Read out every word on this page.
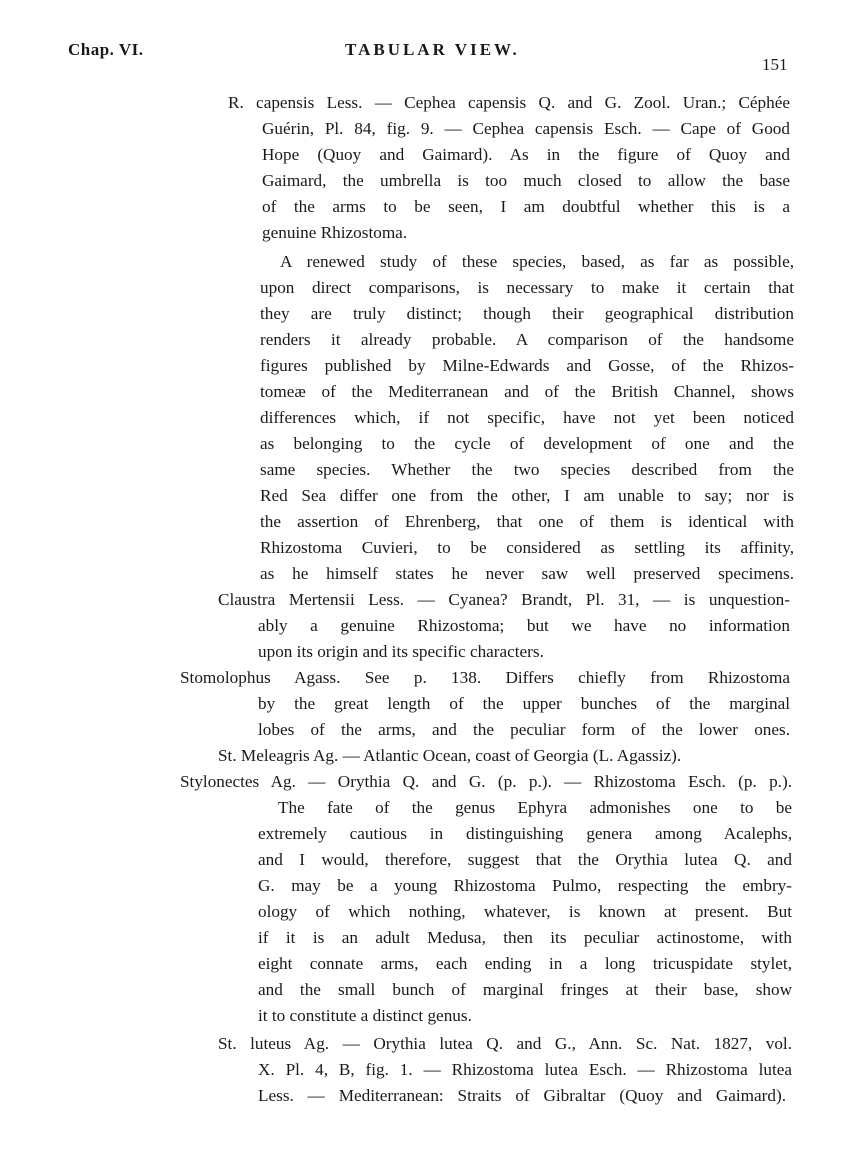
Chap. VI.	TABULAR VIEW.
151
R. capensis Less. — Cephea capensis Q. and G. Zool. Uran.; Céphée
Guérin, Pl. 84, fig. 9. — Cephea capensis Esch. — Cape of Good
Hope (Quoy and Gaimard). As in the figure of Quoy and
Gaimard, the umbrella is too much closed to allow the base
of the arms to be seen, I am doubtful whether this is a
genuine Rhizostoma.
A renewed study of these species, based, as far as possible,
upon direct comparisons, is necessary to make it certain that
they are truly distinct; though their geographical distribution
renders it already probable. A comparison of the handsome
figures published by Milne-Edwards and Gosse, of the Rhizos-
tomeæ of the Mediterranean and of the British Channel, shows
differences which, if not specific, have not yet been noticed
as belonging to the cycle of development of one and the
same species. Whether the two species described from the
Red Sea differ one from the other, I am unable to say; nor is
the assertion of Ehrenberg, that one of them is identical with
Rhizostoma Cuvieri, to be considered as settling its affinity,
as he himself states he never saw well preserved specimens.
Claustra Mertensii Less. — Cyanea? Brandt, Pl. 31, — is unquestion-
ably a genuine Rhizostoma; but we have no information
upon its origin and its specific characters.
Stomolophus Agass. See p. 138. Differs chiefly from Rhizostoma
by the great length of the upper bunches of the marginal
lobes of the arms, and the peculiar form of the lower ones.
St. Meleagris Ag. — Atlantic Ocean, coast of Georgia (L. Agassiz).
Stylonectes Ag. — Orythia Q. and G. (p. p.). — Rhizostoma Esch. (p. p.).
The fate of the genus Ephyra admonishes one to be
extremely cautious in distinguishing genera among Acalephs,
and I would, therefore, suggest that the Orythia lutea Q. and
G. may be a young Rhizostoma Pulmo, respecting the embry-
ology of which nothing, whatever, is known at present. But
if it is an adult Medusa, then its peculiar actinostome, with
eight connate arms, each ending in a long tricuspidate stylet,
and the small bunch of marginal fringes at their base, show
it to constitute a distinct genus.
St. luteus Ag. — Orythia lutea Q. and G., Ann. Sc. Nat. 1827, vol.
X. Pl. 4, B, fig. 1. — Rhizostoma lutea Esch. — Rhizostoma lutea
Less. — Mediterranean: Straits of Gibraltar (Quoy and Gaimard).
